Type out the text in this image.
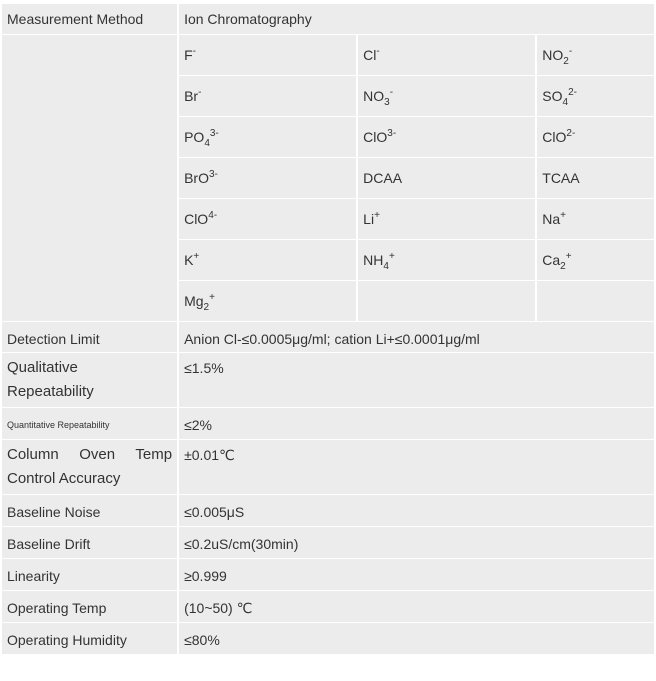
Measurement Method	Ion Chromatography		
	F-	Cl-	$NO_2^-$
	Br-	$NO_3^-$	$SO_4^{2-}$
	$PO_4^{3-}$	ClO$^{3-}$	ClO$^{2-}$
	BrO$^{3-}$	DCAA	TCAA
	ClO$^{4-}$	Li+	Na+
	K+	$NH_4^+$	$Ca_2^+$
	$Mg_2^+$		
Detection Limit	Anion Cl-≤0.0005μg/ml; cation Li+≤0.0001μg/ml		

Qualitative
Repeatability	≤1.5%		
Quantitative Repeatability	≤2%		

Column Oven Temp
Control Accuracy	±0.01℃		
Baseline Noise	≤0.005μS		
Baseline Drift	≤0.2uS/cm(30min)		
Linearity	≥0.999		
Operating Temp	(10~50) ℃		
Operating Humidity	≤80%		
